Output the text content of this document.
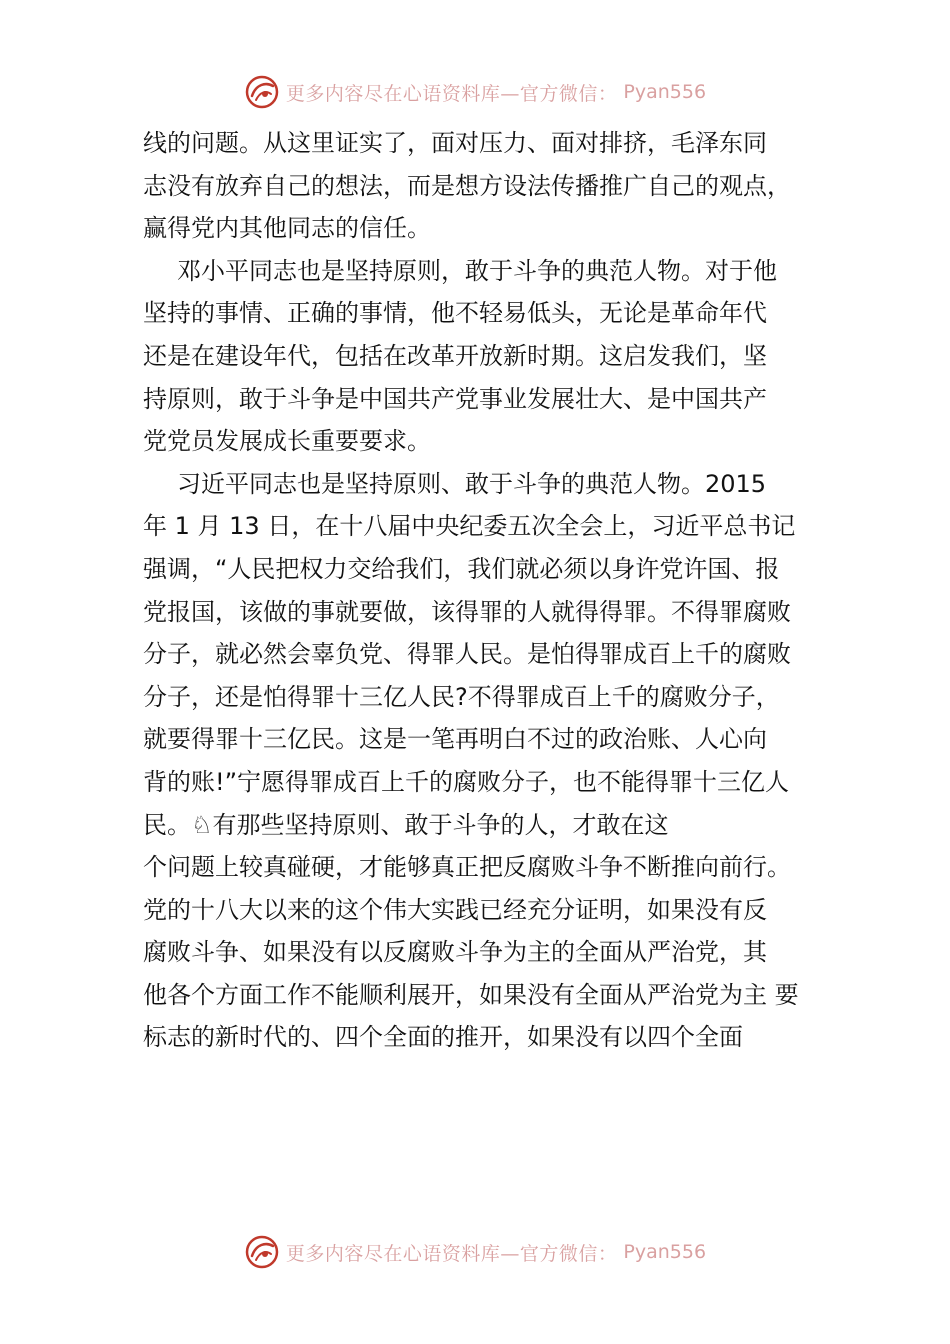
更多内容尽在心语资料库—官方微信： Pyan556
线的问题。从这里证实了，面对压力、面对排挤，毛泽东同
志没有放弃自己的想法，而是想方设法传播推广自己的观点，
赢得党内其他同志的信任。
邓小平同志也是坚持原则，敢于斗争的典范人物。对于他
坚持的事情、正确的事情，他不轻易低头，无论是革命年代
还是在建设年代，包括在改革开放新时期。这启发我们，坚
持原则，敢于斗争是中国共产党事业发展壮大、是中国共产
党党员发展成长重要要求。
习近平同志也是坚持原则、敢于斗争的典范人物。2015
年 1 月 13 日，在十八届中央纪委五次全会上，习近平总书记
强调，“人民把权力交给我们，我们就必须以身许党许国、报
党报国，该做的事就要做，该得罪的人就得得罪。不得罪腐败
分子，就必然会辜负党、得罪人民。是怕得罪成百上千的腐败
分子，还是怕得罪十三亿人民?不得罪成百上千的腐败分子，
就要得罪十三亿民。这是一笔再明白不过的政治账、人心向
背的账!”宁愿得罪成百上千的腐败分子，也不能得罪十三亿人
民。♘有那些坚持原则、敢于斗争的人，才敢在这
个问题上较真碰硬，才能够真正把反腐败斗争不断推向前行。
党的十八大以来的这个伟大实践已经充分证明，如果没有反
腐败斗争、如果没有以反腐败斗争为主的全面从严治党，其
他各个方面工作不能顺利展开，如果没有全面从严治党为主 要
标志的新时代的、四个全面的推开，如果没有以四个全面
更多内容尽在心语资料库—官方微信： Pyan556
